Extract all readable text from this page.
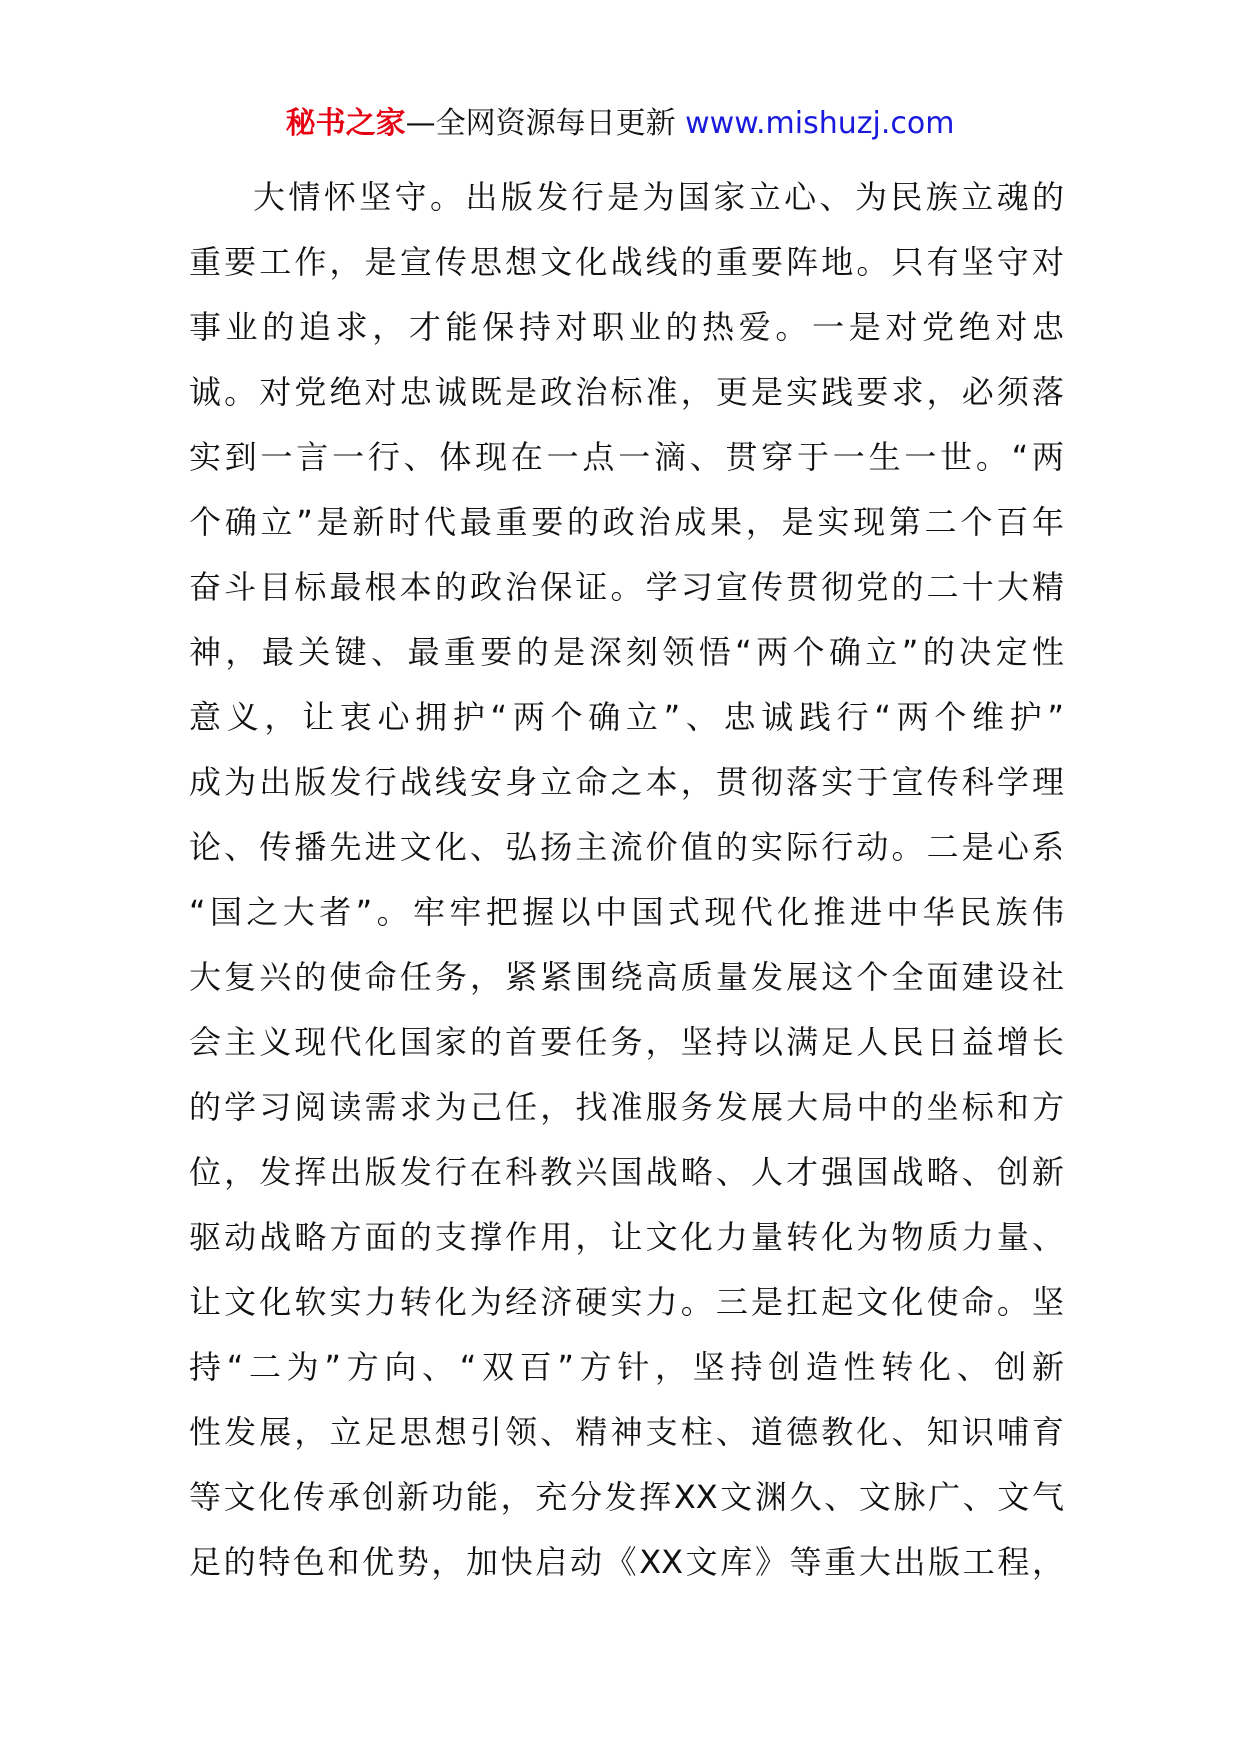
秘书之家—全网资源每日更新 www.mishuzj.com
大情怀坚守。出版发行是为国家立心、为民族立魂的
重要工作，是宣传思想文化战线的重要阵地。只有坚守对
事业的追求，才能保持对职业的热爱。一是对党绝对忠
诚。对党绝对忠诚既是政治标准，更是实践要求，必须落
实到一言一行、体现在一点一滴、贯穿于一生一世。“两
个确立”是新时代最重要的政治成果，是实现第二个百年
奋斗目标最根本的政治保证。学习宣传贯彻党的二十大精
神，最关键、最重要的是深刻领悟“两个确立”的决定性
意义，让衷心拥护“两个确立”、忠诚践行“两个维护”
成为出版发行战线安身立命之本，贯彻落实于宣传科学理
论、传播先进文化、弘扬主流价值的实际行动。二是心系
“国之大者”。牢牢把握以中国式现代化推进中华民族伟
大复兴的使命任务，紧紧围绕高质量发展这个全面建设社
会主义现代化国家的首要任务，坚持以满足人民日益增长
的学习阅读需求为己任，找准服务发展大局中的坐标和方
位，发挥出版发行在科教兴国战略、人才强国战略、创新
驱动战略方面的支撑作用，让文化力量转化为物质力量、
让文化软实力转化为经济硬实力。三是扛起文化使命。坚
持“二为”方向、“双百”方针，坚持创造性转化、创新
性发展，立足思想引领、精神支柱、道德教化、知识哺育
等文化传承创新功能，充分发挥XX文渊久、文脉广、文气
足的特色和优势，加快启动《XX文库》等重大出版工程，
